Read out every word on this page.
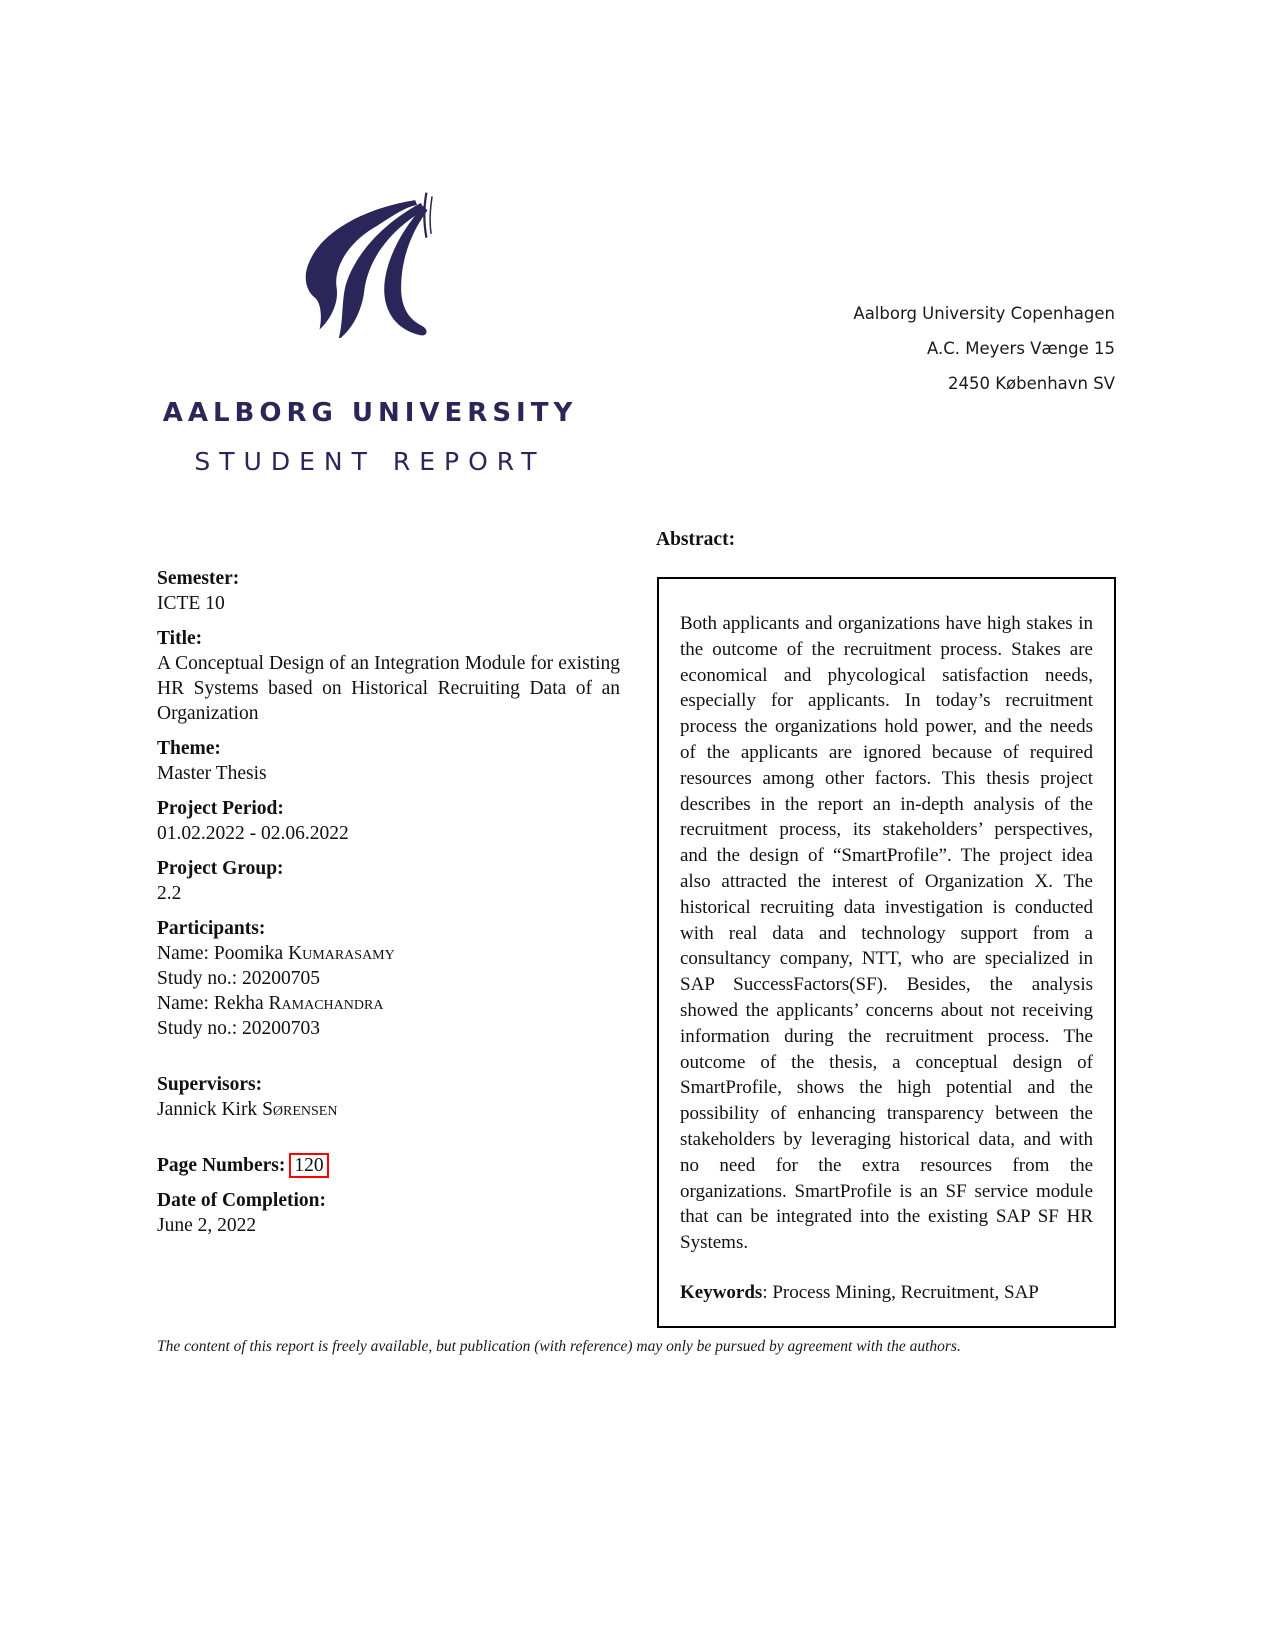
AALBORG UNIVERSITY
STUDENT REPORT
Aalborg University Copenhagen
A.C. Meyers Vænge 15
2450 København SV
Semester:
ICTE 10
Title:
A Conceptual Design of an Integration Module for existing HR Systems based on Historical Recruiting Data of an Organization
Theme:
Master Thesis
Project Period:
01.02.2022 - 02.06.2022
Project Group:
2.2
Participants:
Name: Poomika Kumarasamy
Study no.: 20200705
Name: Rekha Ramachandra
Study no.: 20200703
Supervisors:
Jannick Kirk Sørensen
Page Numbers: 120
Date of Completion:
June 2, 2022
Abstract:

Both applicants and organizations have high stakes in the outcome of the recruitment process. Stakes are economical and phycological satisfaction needs, especially for applicants. In today’s recruitment process the organizations hold power, and the needs of the applicants are ignored because of required resources among other factors. This thesis project describes in the report an in-depth analysis of the recruitment process, its stakeholders’ perspectives, and the design of “SmartProfile”. The project idea also attracted the interest of Organization X. The historical recruiting data investigation is conducted with real data and technology support from a consultancy company, NTT, who are specialized in SAP SuccessFactors(SF). Besides, the analysis showed the applicants’ concerns about not receiving information during the recruitment process. The outcome of the thesis, a conceptual design of SmartProfile, shows the high potential and the possibility of enhancing transparency between the stakeholders by leveraging historical data, and with no need for the extra resources from the organizations. SmartProfile is an SF service module that can be integrated into the existing SAP SF HR Systems.

Keywords: Process Mining, Recruitment, SAP

The content of this report is freely available, but publication (with reference) may only be pursued by agreement with the authors.
